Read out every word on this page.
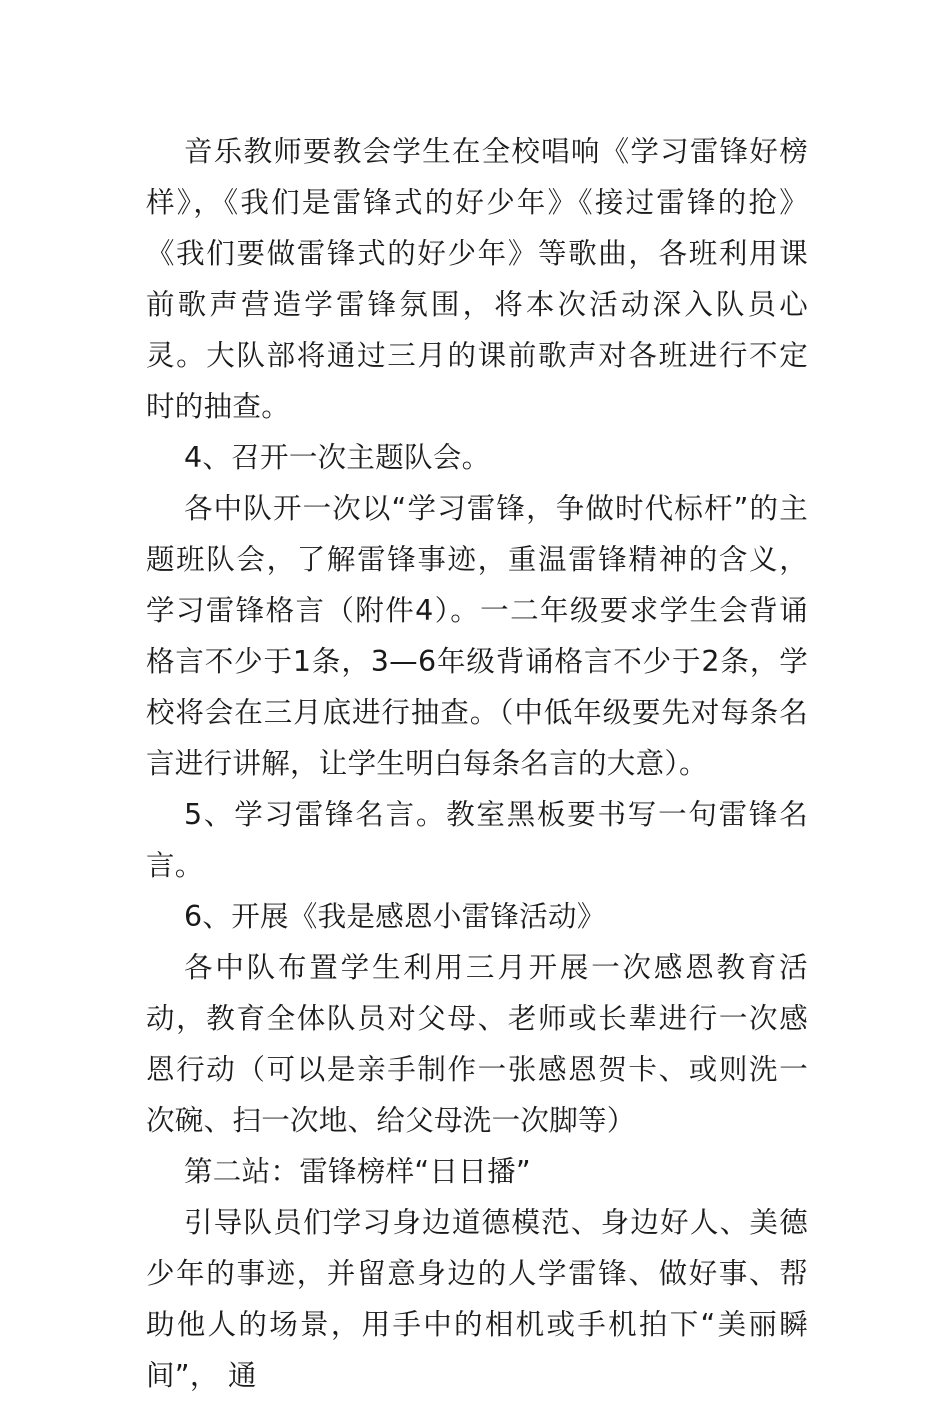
音乐教师要教会学生在全校唱响《学习雷锋好榜样》，《我们是雷锋式的好少年》《接过雷锋的抢》《我们要做雷锋式的好少年》等歌曲，各班利用课前歌声营造学雷锋氛围，将本次活动深入队员心灵。大队部将通过三月的课前歌声对各班进行不定时的抽查。

4、召开一次主题队会。

各中队开一次以“学习雷锋，争做时代标杆”的主题班队会，了解雷锋事迹，重温雷锋精神的含义，学习雷锋格言（附件4）。一二年级要求学生会背诵格言不少于1条，3—6年级背诵格言不少于2条，学校将会在三月底进行抽查。（中低年级要先对每条名言进行讲解，让学生明白每条名言的大意）。

5、学习雷锋名言。教室黑板要书写一句雷锋名言。

6、开展《我是感恩小雷锋活动》

各中队布置学生利用三月开展一次感恩教育活动，教育全体队员对父母、老师或长辈进行一次感恩行动（可以是亲手制作一张感恩贺卡、或则洗一次碗、扫一次地、给父母洗一次脚等）

第二站：雷锋榜样“日日播”

引导队员们学习身边道德模范、身边好人、美德少年的事迹，并留意身边的人学雷锋、做好事、帮助他人的场景，用手中的相机或手机拍下“美丽瞬间”， 通
